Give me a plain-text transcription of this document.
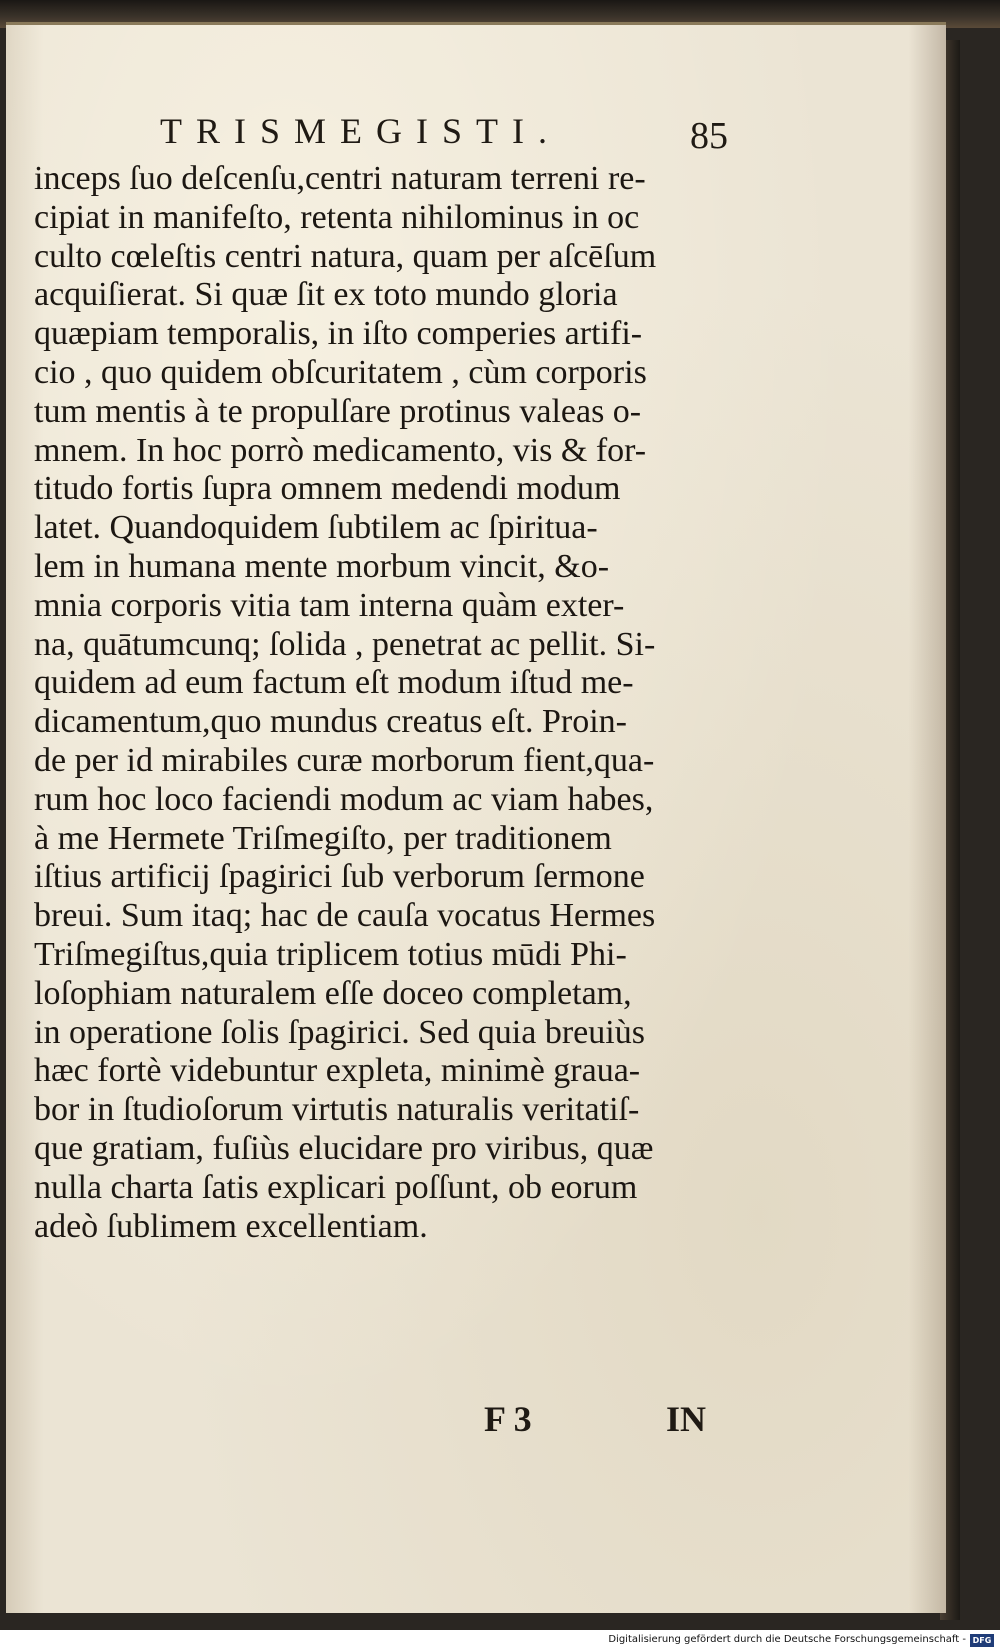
TRISMEGISTI.	85
inceps ſuo deſcenſu,centri naturam terreni re-
cipiat in manifeſto, retenta nihilominus in oc
culto cœleſtis centri natura, quam per aſcēſum
acquiſierat. Si quæ ſit ex toto mundo gloria
quæpiam temporalis, in iſto comperies artifi-
cio , quo quidem obſcuritatem , cùm corporis
tum mentis à te propulſare protinus valeas o-
mnem. In hoc porrò medicamento, vis & for-
titudo fortis ſupra omnem medendi modum
latet. Quandoquidem ſubtilem ac ſpiritua-
lem in humana mente morbum vincit, &o-
mnia corporis vitia tam interna quàm exter-
na, quātumcunq; ſolida , penetrat ac pellit. Si-
quidem ad eum factum eſt modum iſtud me-
dicamentum,quo mundus creatus eſt. Proin-
de per id mirabiles curæ morborum fient,qua-
rum hoc loco faciendi modum ac viam habes,
à me Hermete Triſmegiſto, per traditionem
iſtius artificij ſpagirici ſub verborum ſermone
breui. Sum itaq; hac de cauſa vocatus Hermes
Triſmegiſtus,quia triplicem totius mūdi Phi-
loſophiam naturalem eſſe doceo completam,
in operatione ſolis ſpagirici. Sed quia breuiùs
hæc fortè videbuntur expleta, minimè graua-
bor in ſtudioſorum virtutis naturalis veritatiſ-
que gratiam, fuſiùs elucidare pro viribus, quæ
nulla charta ſatis explicari poſſunt, ob eorum
adeò ſublimem excellentiam.
F 3	IN
Digitalisierung gefördert durch die Deutsche Forschungsgemeinschaft - DFG
